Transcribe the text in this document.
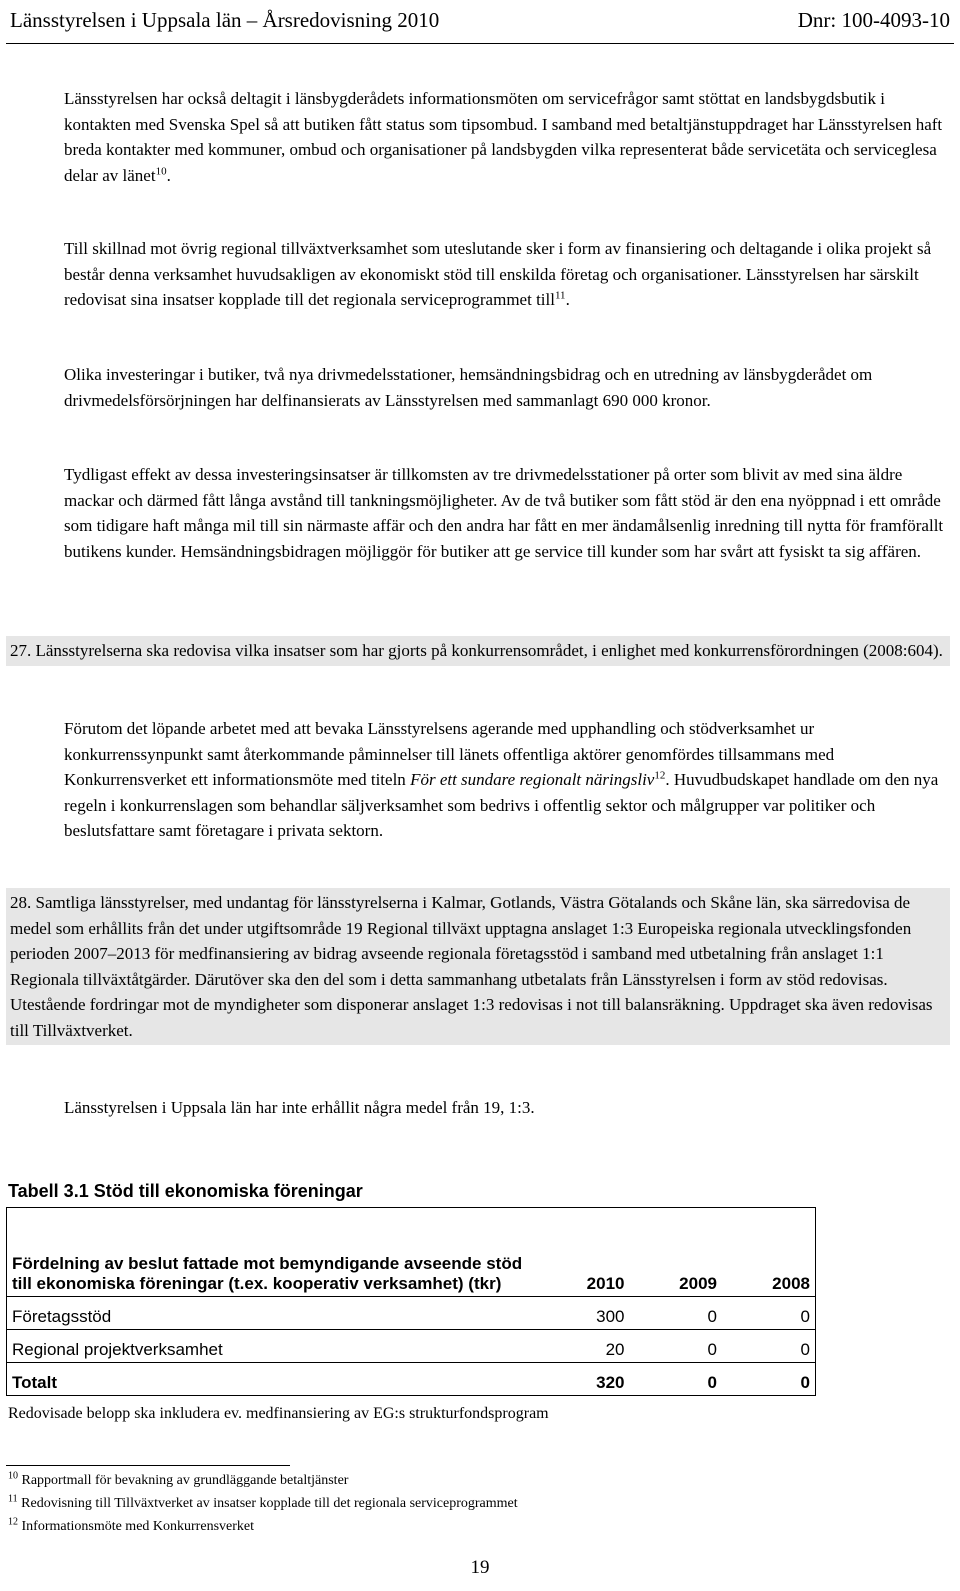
Länsstyrelsen i Uppsala län – Årsredovisning 2010	Dnr: 100-4093-10
Länsstyrelsen har också deltagit i länsbygderådets informationsmöten om servicefrågor samt stöttat en landsbygdsbutik i kontakten med Svenska Spel så att butiken fått status som tipsombud. I samband med betaltjänstuppdraget har Länsstyrelsen haft breda kontakter med kommuner, ombud och organisationer på landsbygden vilka representerat både servicetäta och serviceglesa delar av länet$^{10}$.
Till skillnad mot övrig regional tillväxtverksamhet som uteslutande sker i form av finansiering och deltagande i olika projekt så består denna verksamhet huvudsakligen av ekonomiskt stöd till enskilda företag och organisationer. Länsstyrelsen har särskilt redovisat sina insatser kopplade till det regionala serviceprogrammet till$^{11}$.
Olika investeringar i butiker, två nya drivmedelsstationer, hemsändningsbidrag och en utredning av länsbygderådet om drivmedelsförsörjningen har delfinansierats av Länsstyrelsen med sammanlagt 690 000 kronor.
Tydligast effekt av dessa investeringsinsatser är tillkomsten av tre drivmedelsstationer på orter som blivit av med sina äldre mackar och därmed fått långa avstånd till tankningsmöjligheter. Av de två butiker som fått stöd är den ena nyöppnad i ett område som tidigare haft många mil till sin närmaste affär och den andra har fått en mer ändamålsenlig inredning till nytta för framförallt butikens kunder. Hemsändningsbidragen möjliggör för butiker att ge service till kunder som har svårt att fysiskt ta sig affären.
27. Länsstyrelserna ska redovisa vilka insatser som har gjorts på konkurrensområdet, i enlighet med konkurrensförordningen (2008:604).
Förutom det löpande arbetet med att bevaka Länsstyrelsens agerande med upphandling och stödverksamhet ur konkurrenssynpunkt samt återkommande påminnelser till länets offentliga aktörer genomfördes tillsammans med Konkurrensverket ett informationsmöte med titeln För ett sundare regionalt näringsliv$^{12}$. Huvudbudskapet handlade om den nya regeln i konkurrenslagen som behandlar säljverksamhet som bedrivs i offentlig sektor och målgrupper var politiker och beslutsfattare samt företagare i privata sektorn.
28. Samtliga länsstyrelser, med undantag för länsstyrelserna i Kalmar, Gotlands, Västra Götalands och Skåne län, ska särredovisa de medel som erhållits från det under utgiftsområde 19 Regional tillväxt upptagna anslaget 1:3 Europeiska regionala utvecklingsfonden perioden 2007–2013 för medfinansiering av bidrag avseende regionala företagsstöd i samband med utbetalning från anslaget 1:1 Regionala tillväxtåtgärder. Därutöver ska den del som i detta sammanhang utbetalats från Länsstyrelsen i form av stöd redovisas. Utestående fordringar mot de myndigheter som disponerar anslaget 1:3 redovisas i not till balansräkning. Uppdraget ska även redovisas till Tillväxtverket.
Länsstyrelsen i Uppsala län har inte erhållit några medel från 19, 1:3.
Tabell 3.1 Stöd till ekonomiska föreningar
Fördelning av beslut fattade mot bemyndigande avseende stöd till ekonomiska föreningar (t.ex. kooperativ verksamhet) (tkr)	2010	2009	2008
Företagsstöd	300	0	0
Regional projektverksamhet	20	0	0
Totalt	320	0	0
Redovisade belopp ska inkludera ev. medfinansiering av EG:s strukturfondsprogram
$^{10}$ Rapportmall för bevakning av grundläggande betaltjänster
$^{11}$ Redovisning till Tillväxtverket av insatser kopplade till det regionala serviceprogrammet
$^{12}$ Informationsmöte med Konkurrensverket
19
